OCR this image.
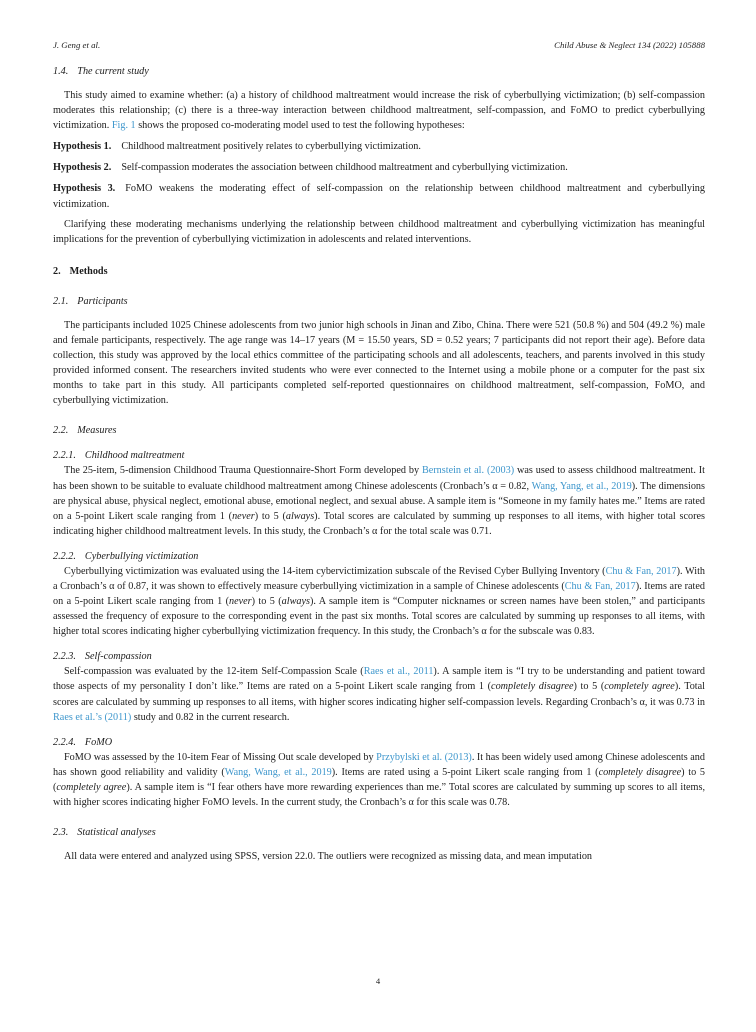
J. Geng et al.	Child Abuse & Neglect 134 (2022) 105888
1.4. The current study

This study aimed to examine whether: (a) a history of childhood maltreatment would increase the risk of cyberbullying victimization; (b) self-compassion moderates this relationship; (c) there is a three-way interaction between childhood maltreatment, self-compassion, and FoMO to predict cyberbullying victimization. Fig. 1 shows the proposed co-moderating model used to test the following hypotheses:

Hypothesis 1. Childhood maltreatment positively relates to cyberbullying victimization.

Hypothesis 2. Self-compassion moderates the association between childhood maltreatment and cyberbullying victimization.

Hypothesis 3. FoMO weakens the moderating effect of self-compassion on the relationship between childhood maltreatment and cyberbullying victimization.

Clarifying these moderating mechanisms underlying the relationship between childhood maltreatment and cyberbullying victimization has meaningful implications for the prevention of cyberbullying victimization in adolescents and related interventions.

2. Methods
2.1. Participants

The participants included 1025 Chinese adolescents from two junior high schools in Jinan and Zibo, China. There were 521 (50.8 %) and 504 (49.2 %) male and female participants, respectively. The age range was 14–17 years (M = 15.50 years, SD = 0.52 years; 7 participants did not report their age). Before data collection, this study was approved by the local ethics committee of the participating schools and all adolescents, teachers, and parents involved in this study provided informed consent. The researchers invited students who were ever connected to the Internet using a mobile phone or a computer for the past six months to take part in this study. All participants completed self-reported questionnaires on childhood maltreatment, self-compassion, FoMO, and cyberbullying victimization.

2.2. Measures
2.2.1. Childhood maltreatment

The 25-item, 5-dimension Childhood Trauma Questionnaire-Short Form developed by Bernstein et al. (2003) was used to assess childhood maltreatment. It has been shown to be suitable to evaluate childhood maltreatment among Chinese adolescents (Cronbach’s α = 0.82, Wang, Yang, et al., 2019). The dimensions are physical abuse, physical neglect, emotional abuse, emotional neglect, and sexual abuse. A sample item is “Someone in my family hates me.” Items are rated on a 5-point Likert scale ranging from 1 (never) to 5 (always). Total scores are calculated by summing up responses to all items, with higher total scores indicating higher childhood maltreatment levels. In this study, the Cronbach’s α for the total scale was 0.71.

2.2.2. Cyberbullying victimization

Cyberbullying victimization was evaluated using the 14-item cybervictimization subscale of the Revised Cyber Bullying Inventory (Chu & Fan, 2017). With a Cronbach’s α of 0.87, it was shown to effectively measure cyberbullying victimization in a sample of Chinese adolescents (Chu & Fan, 2017). Items are rated on a 5-point Likert scale ranging from 1 (never) to 5 (always). A sample item is “Computer nicknames or screen names have been stolen,” and participants assessed the frequency of exposure to the corresponding event in the past six months. Total scores are calculated by summing up responses to all items, with higher total scores indicating higher cyberbullying victimization frequency. In this study, the Cronbach’s α for the subscale was 0.83.

2.2.3. Self-compassion

Self-compassion was evaluated by the 12-item Self-Compassion Scale (Raes et al., 2011). A sample item is “I try to be understanding and patient toward those aspects of my personality I don’t like.” Items are rated on a 5-point Likert scale ranging from 1 (completely disagree) to 5 (completely agree). Total scores are calculated by summing up responses to all items, with higher scores indicating higher self-compassion levels. Regarding Cronbach’s α, it was 0.73 in Raes et al.’s (2011) study and 0.82 in the current research.

2.2.4. FoMO

FoMO was assessed by the 10-item Fear of Missing Out scale developed by Przybylski et al. (2013). It has been widely used among Chinese adolescents and has shown good reliability and validity (Wang, Wang, et al., 2019). Items are rated using a 5-point Likert scale ranging from 1 (completely disagree) to 5 (completely agree). A sample item is “I fear others have more rewarding experiences than me.” Total scores are calculated by summing up scores to all items, with higher scores indicating higher FoMO levels. In the current study, the Cronbach’s α for this scale was 0.78.

2.3. Statistical analyses

All data were entered and analyzed using SPSS, version 22.0. The outliers were recognized as missing data, and mean imputation

4
